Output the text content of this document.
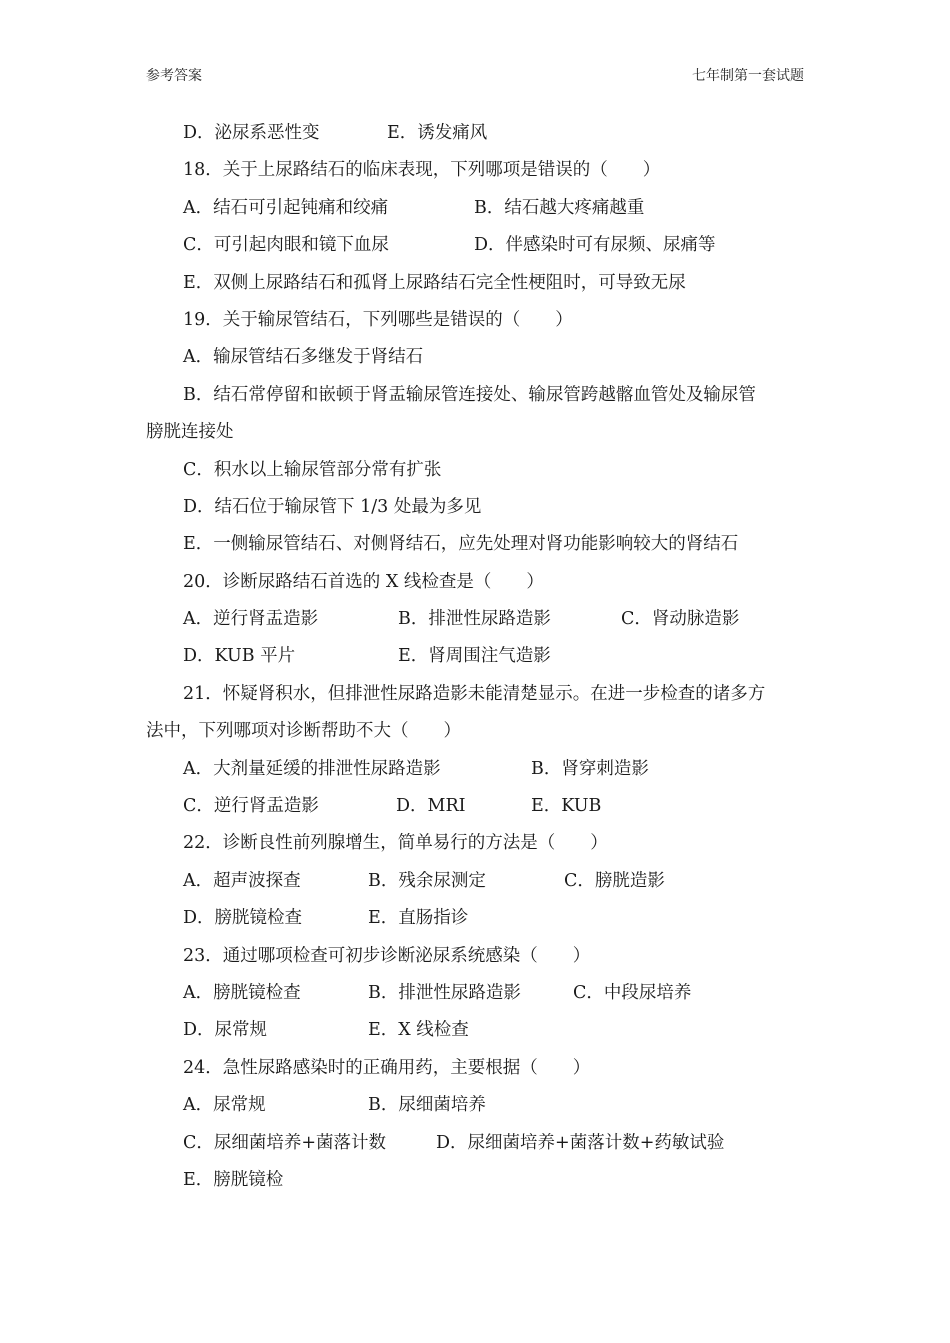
参考答案	七年制第一套试题
D．泌尿系恶性变	E．诱发痛风
18．关于上尿路结石的临床表现，下列哪项是错误的（　　）
A．结石可引起钝痛和绞痛	B．结石越大疼痛越重
C．可引起肉眼和镜下血尿	D．伴感染时可有尿频、尿痛等
E．双侧上尿路结石和孤肾上尿路结石完全性梗阻时，可导致无尿
19．关于输尿管结石，下列哪些是错误的（　　）
A．输尿管结石多继发于肾结石
B．结石常停留和嵌顿于肾盂输尿管连接处、输尿管跨越髂血管处及输尿管
膀胱连接处
C．积水以上输尿管部分常有扩张
D．结石位于输尿管下 1/3 处最为多见
E．一侧输尿管结石、对侧肾结石，应先处理对肾功能影响较大的肾结石
20．诊断尿路结石首选的 X 线检查是（　　）
A．逆行肾盂造影	B．排泄性尿路造影	C．肾动脉造影
D．KUB 平片	E．肾周围注气造影
21．怀疑肾积水，但排泄性尿路造影未能清楚显示。在进一步检查的诸多方
法中，下列哪项对诊断帮助不大（　　）
A．大剂量延缓的排泄性尿路造影	B．肾穿刺造影
C．逆行肾盂造影	D．MRI	E．KUB
22．诊断良性前列腺增生，简单易行的方法是（　　）
A．超声波探查	B．残余尿测定	C．膀胱造影
D．膀胱镜检查	E．直肠指诊
23．通过哪项检查可初步诊断泌尿系统感染（　　）
A．膀胱镜检查	B．排泄性尿路造影	C．中段尿培养
D．尿常规	E．X 线检查
24．急性尿路感染时的正确用药，主要根据（　　）
A．尿常规	B．尿细菌培养
C．尿细菌培养+菌落计数	D．尿细菌培养+菌落计数+药敏试验
E．膀胱镜检
